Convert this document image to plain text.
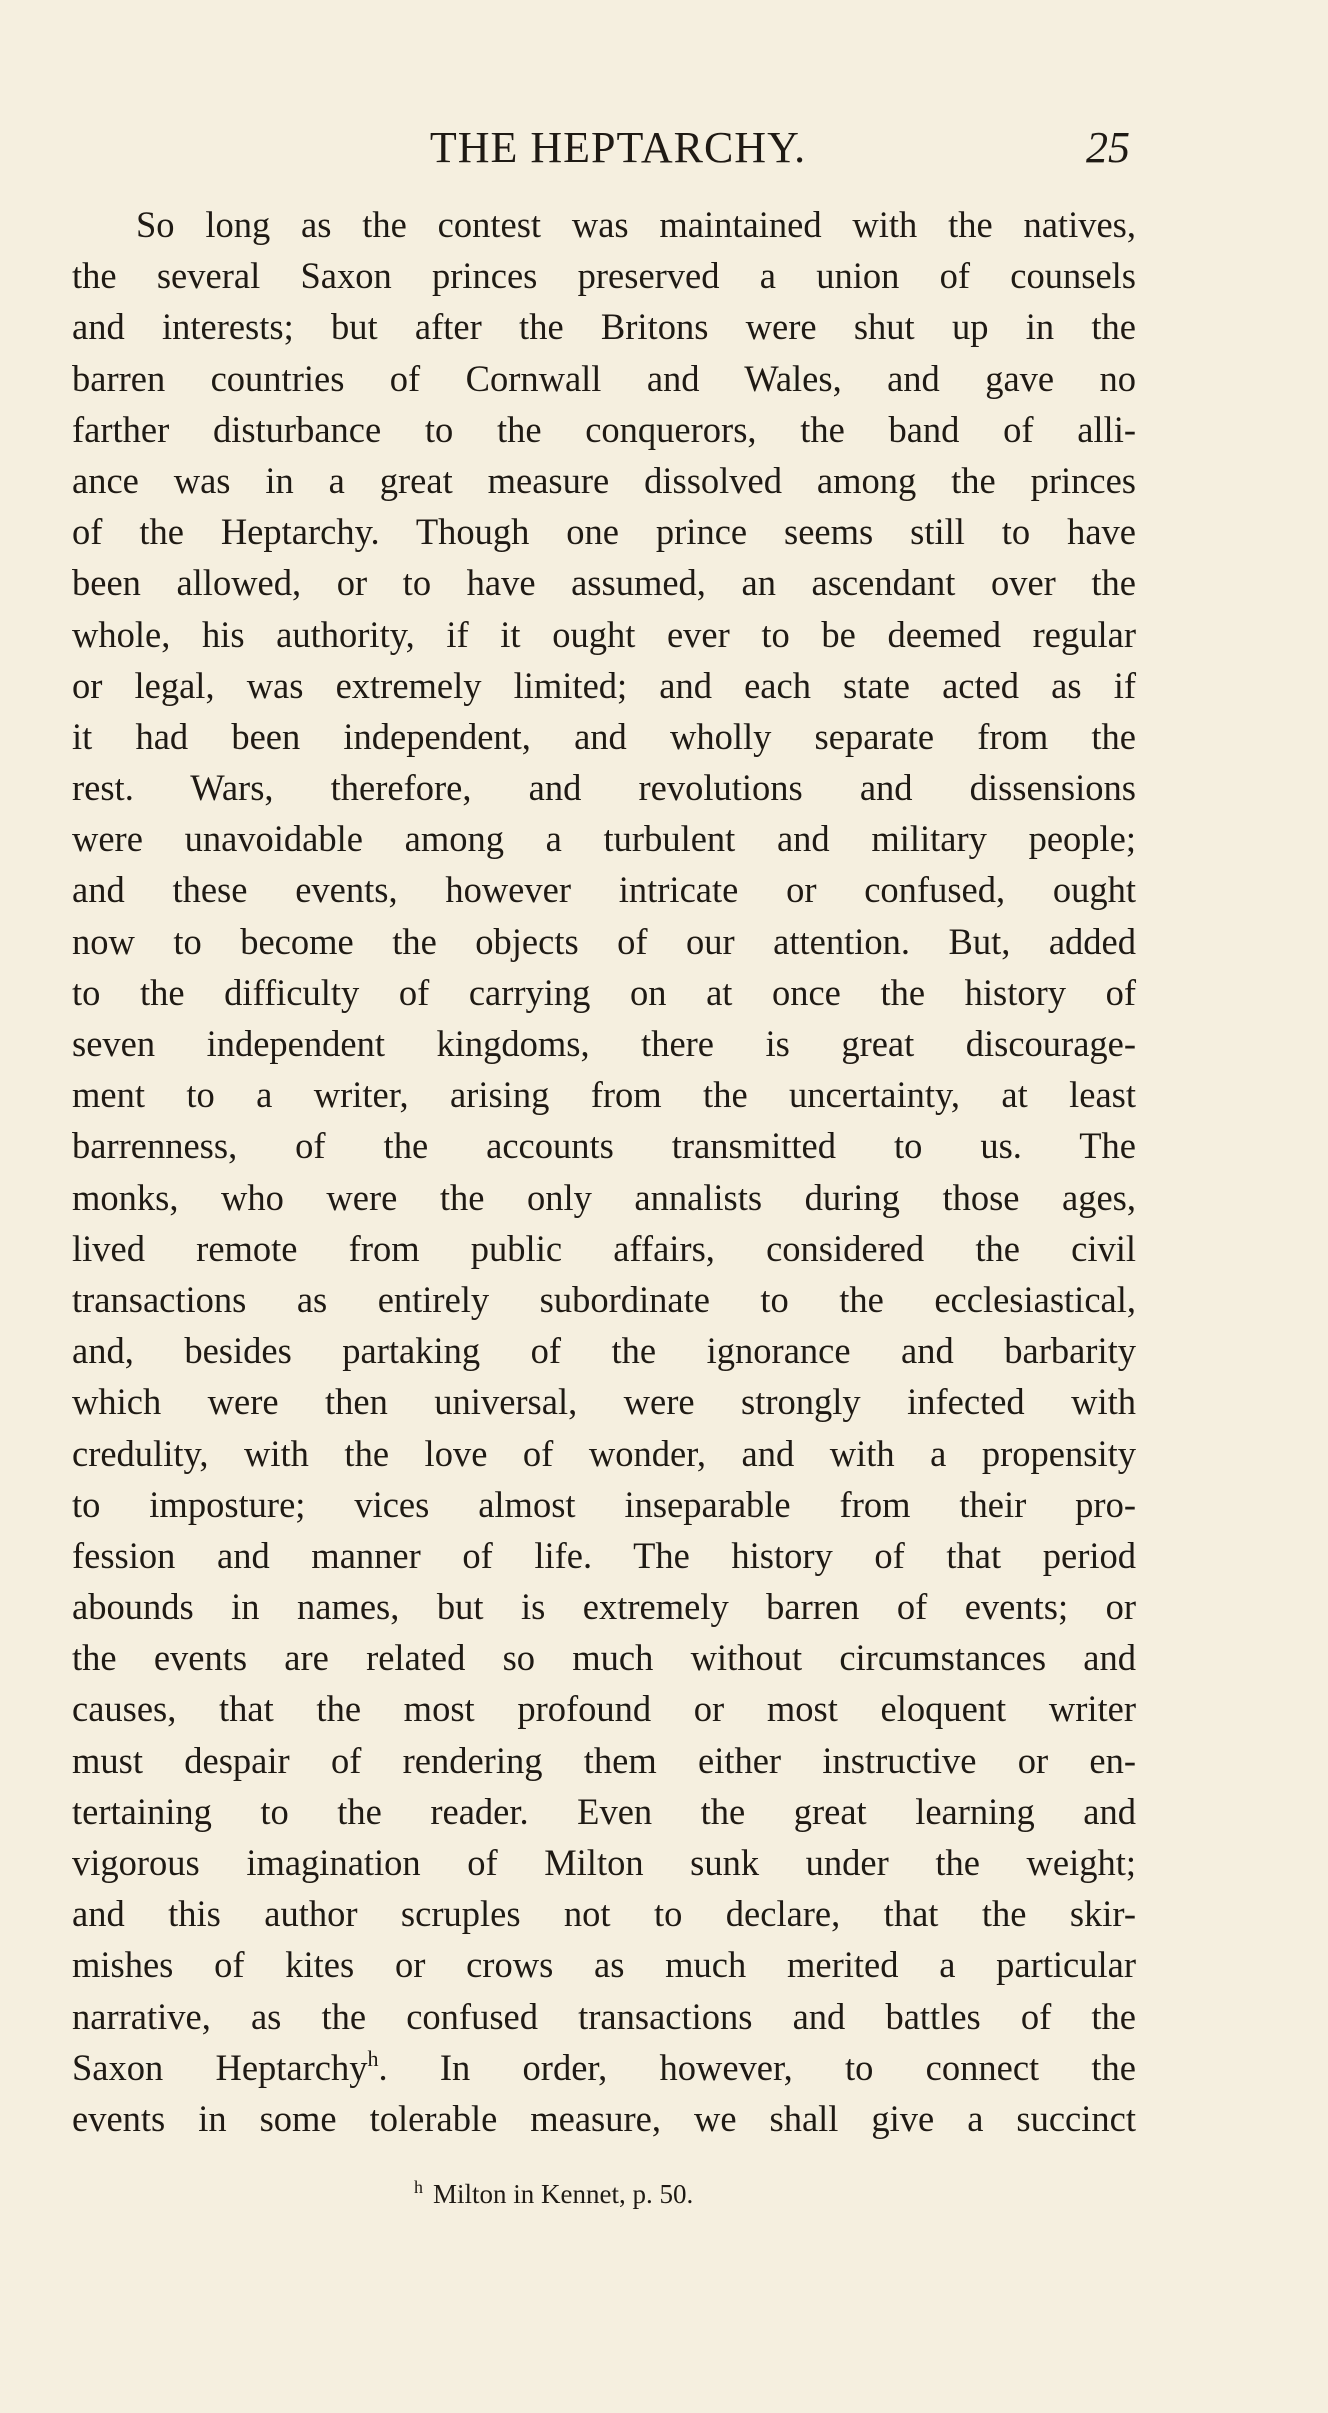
THE HEPTARCHY.	25
So long as the contest was maintained with the natives,
the several Saxon princes preserved a union of counsels
and interests; but after the Britons were shut up in the
barren countries of Cornwall and Wales, and gave no
farther disturbance to the conquerors, the band of alli-
ance was in a great measure dissolved among the princes
of the Heptarchy. Though one prince seems still to have
been allowed, or to have assumed, an ascendant over the
whole, his authority, if it ought ever to be deemed regular
or legal, was extremely limited; and each state acted as if
it had been independent, and wholly separate from the
rest. Wars, therefore, and revolutions and dissensions
were unavoidable among a turbulent and military people;
and these events, however intricate or confused, ought
now to become the objects of our attention. But, added
to the difficulty of carrying on at once the history of
seven independent kingdoms, there is great discourage-
ment to a writer, arising from the uncertainty, at least
barrenness, of the accounts transmitted to us. The
monks, who were the only annalists during those ages,
lived remote from public affairs, considered the civil
transactions as entirely subordinate to the ecclesiastical,
and, besides partaking of the ignorance and barbarity
which were then universal, were strongly infected with
credulity, with the love of wonder, and with a propensity
to imposture; vices almost inseparable from their pro-
fession and manner of life. The history of that period
abounds in names, but is extremely barren of events; or
the events are related so much without circumstances and
causes, that the most profound or most eloquent writer
must despair of rendering them either instructive or en-
tertaining to the reader. Even the great learning and
vigorous imagination of Milton sunk under the weight;
and this author scruples not to declare, that the skir-
mishes of kites or crows as much merited a particular
narrative, as the confused transactions and battles of the
Saxon Heptarchy$^h$. In order, however, to connect the
events in some tolerable measure, we shall give a succinct
$^h$ Milton in Kennet, p. 50.
